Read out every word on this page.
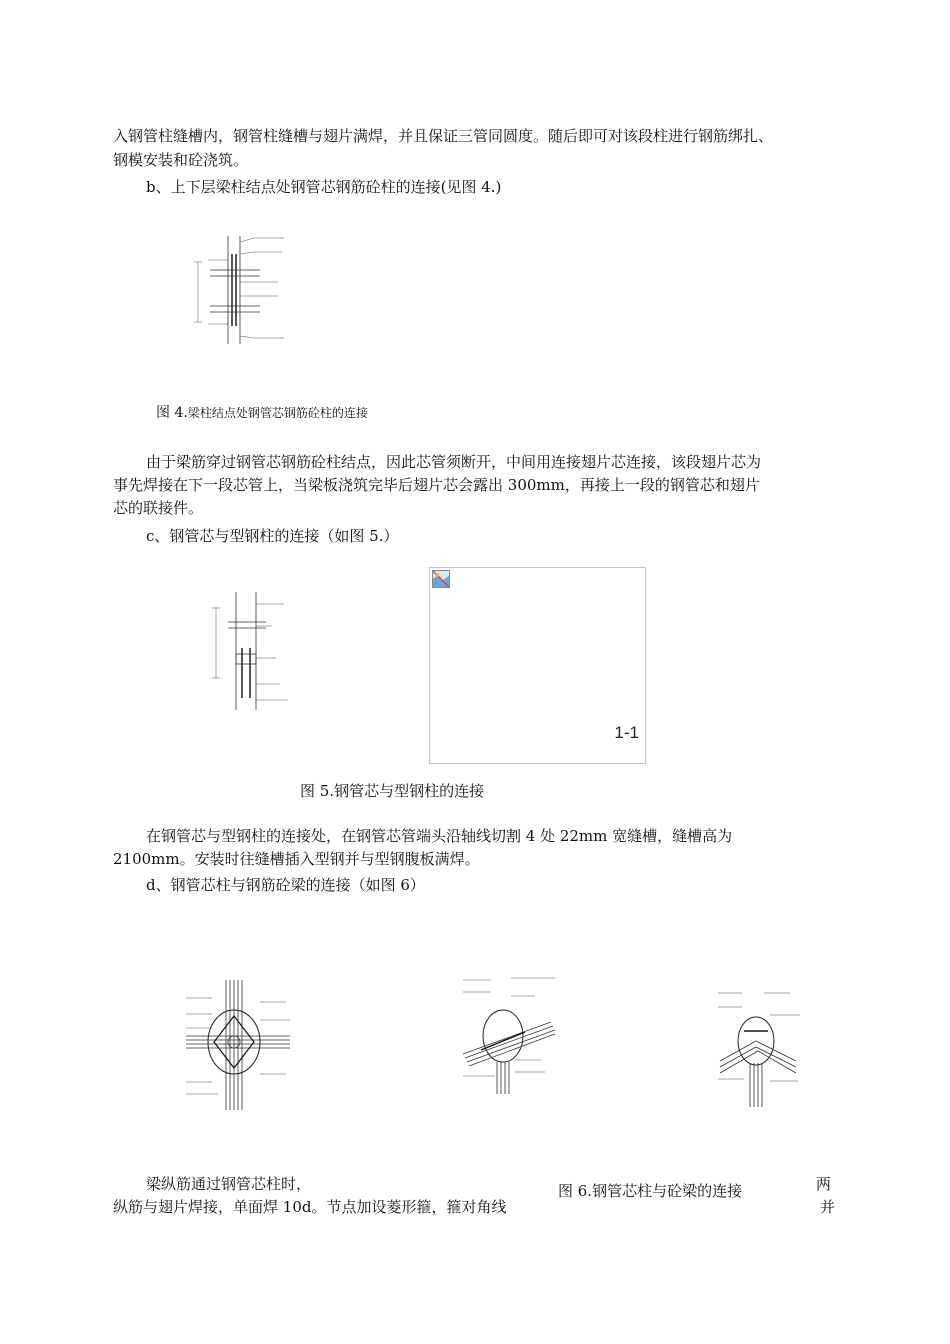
入钢管柱缝槽内，钢管柱缝槽与翅片满焊，并且保证三管同圆度。随后即可对该段柱进行钢筋绑扎、
钢模安装和砼浇筑。
b、上下层梁柱结点处钢管芯钢筋砼柱的连接(见图 4.)
图 4.梁柱结点处钢管芯钢筋砼柱的连接
由于梁筋穿过钢管芯钢筋砼柱结点，因此芯管须断开，中间用连接翅片芯连接，该段翅片芯为
事先焊接在下一段芯管上，当梁板浇筑完毕后翅片芯会露出 300mm，再接上一段的钢管芯和翅片
芯的联接件。
c、钢管芯与型钢柱的连接（如图 5.）
1-1
图 5.钢管芯与型钢柱的连接
在钢管芯与型钢柱的连接处，在钢管芯管端头沿轴线切割 4 处 22mm 宽缝槽，缝槽高为
2100mm。安装时往缝槽插入型钢并与型钢腹板满焊。
d、钢管芯柱与钢筋砼梁的连接（如图 6）
梁纵筋通过钢管芯柱时，	两
纵筋与翅片焊接，单面焊 10d。节点加设菱形箍，箍对角线	并
图 6.钢管芯柱与砼梁的连接
